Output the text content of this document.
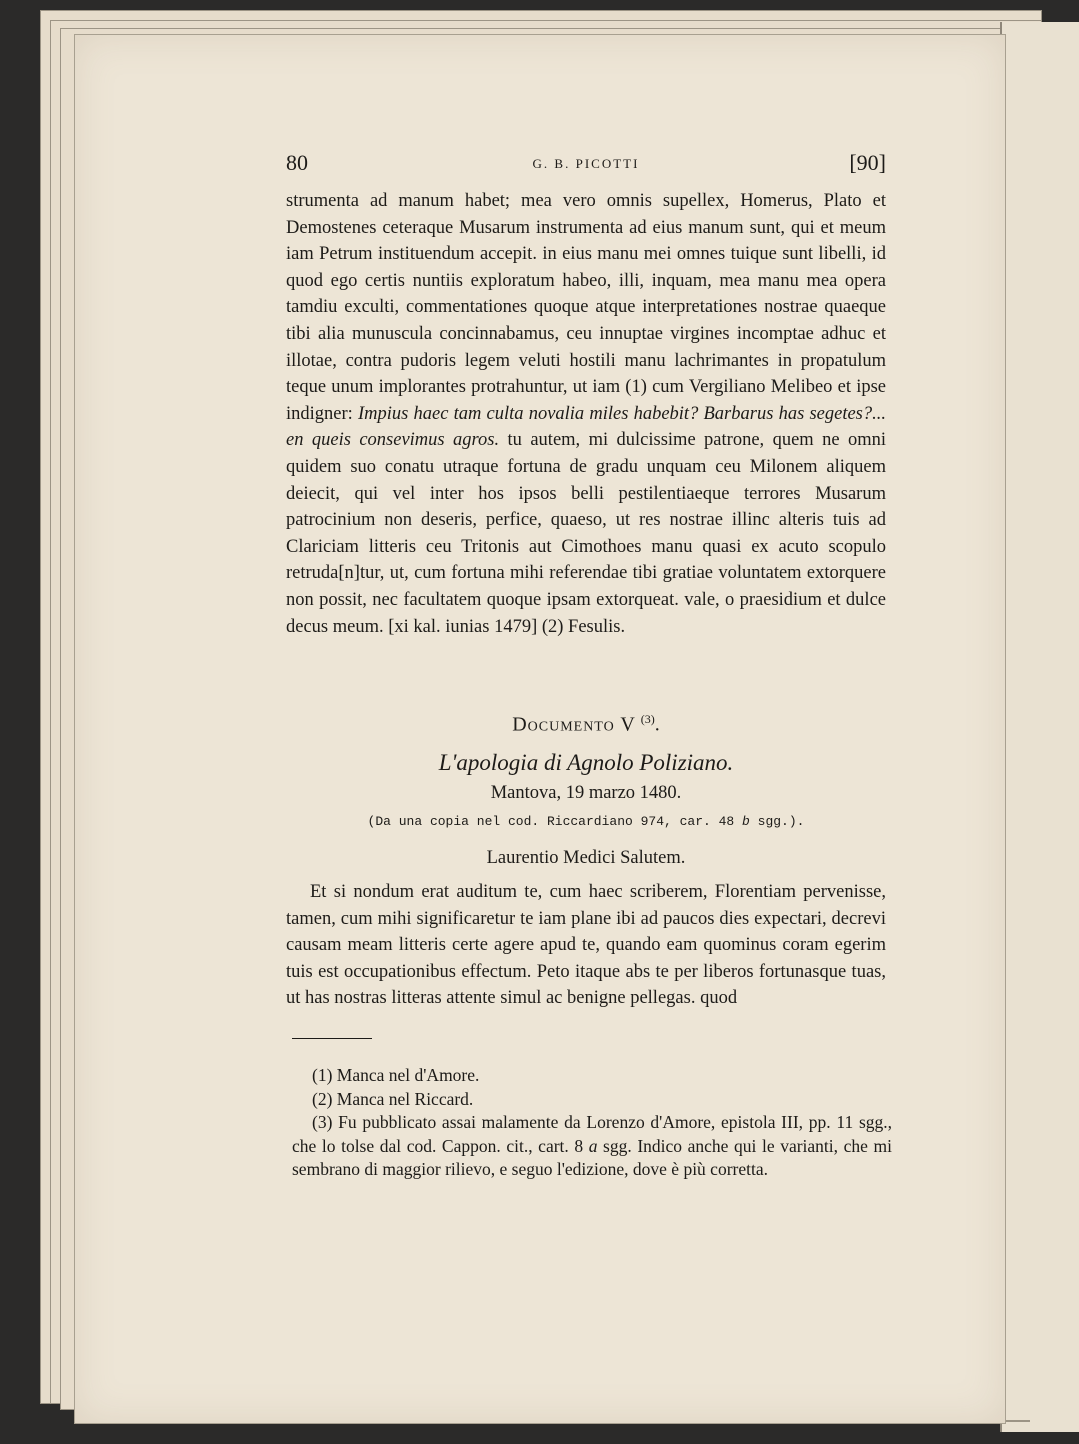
80	G. B. PICOTTI	[90]

strumenta ad manum habet; mea vero omnis supellex, Homerus, Plato et Demostenes ceteraque Musarum instrumenta ad eius manum sunt, qui et meum iam Petrum instituendum accepit. in eius manu mei omnes tuique sunt libelli, id quod ego certis nuntiis exploratum habeo, illi, inquam, mea manu mea opera tamdiu exculti, commentationes quoque atque interpretationes nostrae quaeque tibi alia munuscula concinnabamus, ceu innuptae virgines incomptae adhuc et illotae, contra pudoris legem veluti hostili manu lachrimantes in propatulum teque unum implorantes protrahuntur, ut iam (1) cum Vergiliano Melibeo et ipse indigner: Impius haec tam culta novalia miles habebit? Barbarus has segetes?... en queis consevimus agros. tu autem, mi dulcissime patrone, quem ne omni quidem suo conatu utraque fortuna de gradu unquam ceu Milonem aliquem deiecit, qui vel inter hos ipsos belli pestilentiaeque terrores Musarum patrocinium non deseris, perfice, quaeso, ut res nostrae illinc alteris tuis ad Clariciam litteris ceu Tritonis aut Cimothoes manu quasi ex acuto scopulo retruda[n]tur, ut, cum fortuna mihi referendae tibi gratiae voluntatem extorquere non possit, nec facultatem quoque ipsam extorqueat. vale, o praesidium et dulce decus meum. [xi kal. iunias 1479] (2) Fesulis.

Documento V $^{(3)}$.
L'apologia di Agnolo Poliziano.
Mantova, 19 marzo 1480.
(Da una copia nel cod. Riccardiano 974, car. 48 b sgg.).
Laurentio Medici Salutem.

Et si nondum erat auditum te, cum haec scriberem, Florentiam pervenisse, tamen, cum mihi significaretur te iam plane ibi ad paucos dies expectari, decrevi causam meam litteris certe agere apud te, quando eam quominus coram egerim tuis est occupationibus effectum. Peto itaque abs te per liberos fortunasque tuas, ut has nostras litteras attente simul ac benigne pellegas. quod

(1) Manca nel d'Amore.

(2) Manca nel Riccard.

(3) Fu pubblicato assai malamente da Lorenzo d'Amore, epistola III, pp. 11 sgg., che lo tolse dal cod. Cappon. cit., cart. 8 a sgg. Indico anche qui le varianti, che mi sembrano di maggior rilievo, e seguo l'edizione, dove è più corretta.
